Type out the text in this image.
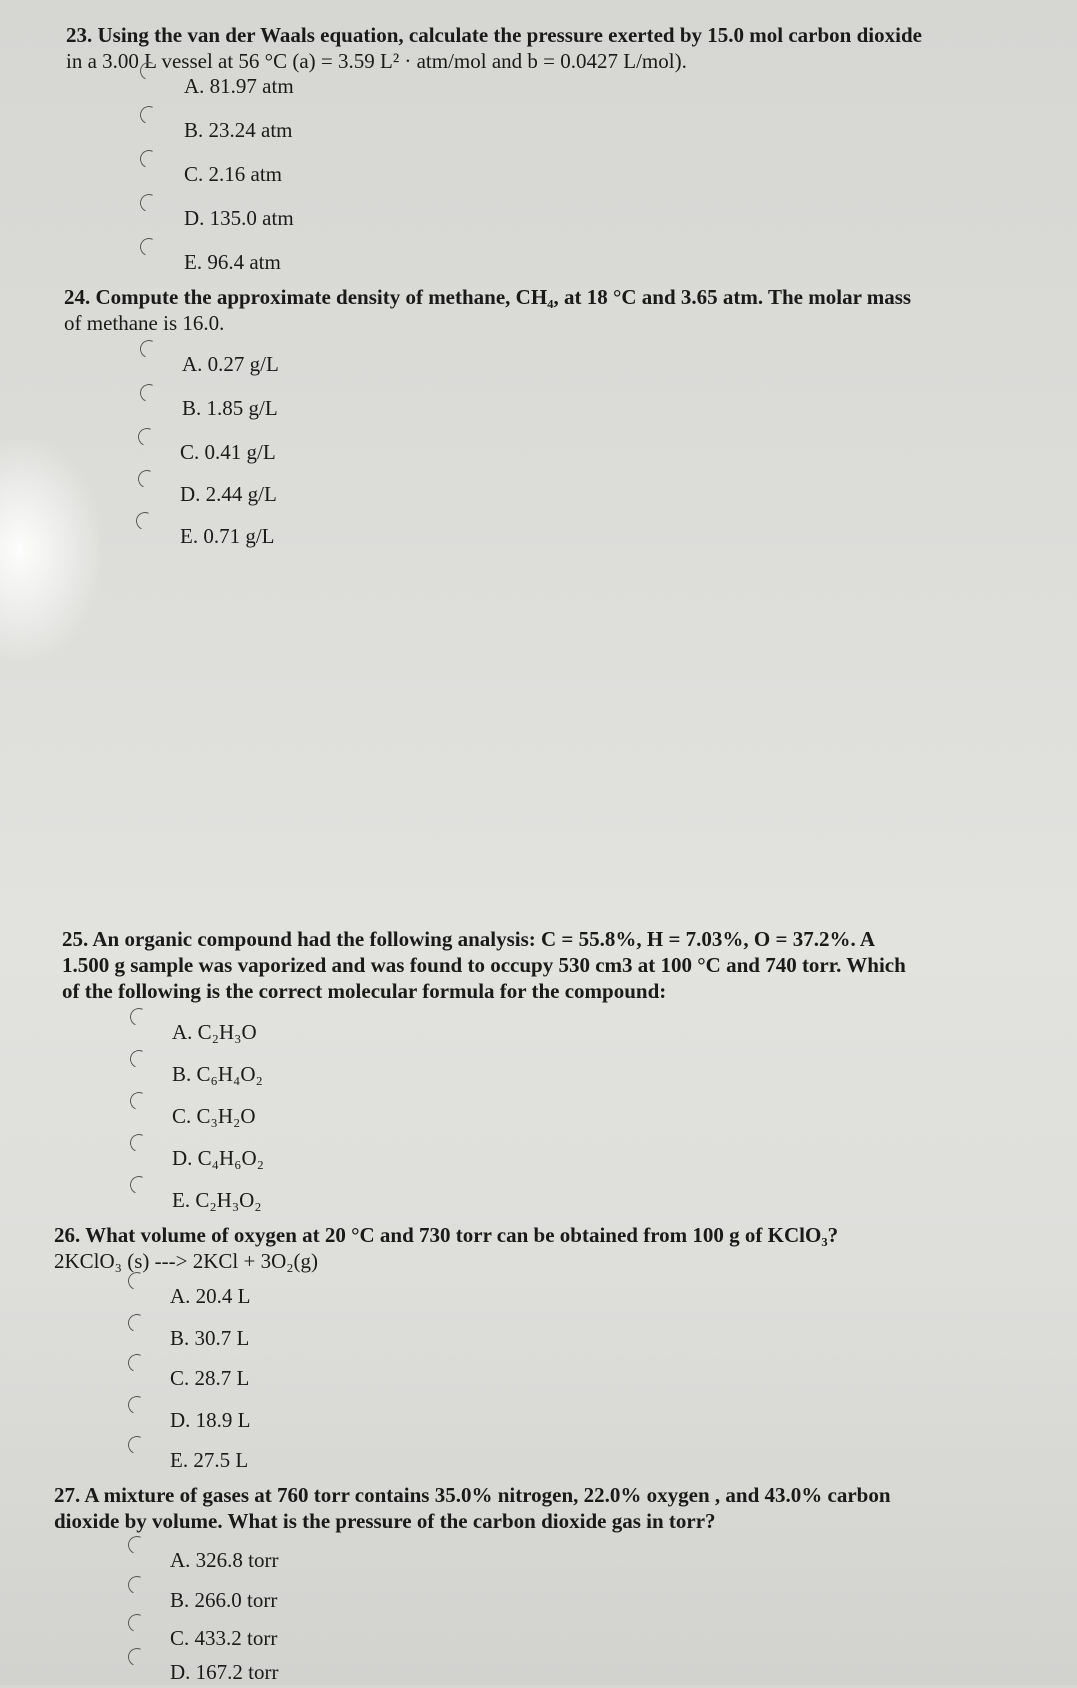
23. Using the van der Waals equation, calculate the pressure exerted by 15.0 mol carbon dioxide
in a 3.00 L vessel at 56 °C (a) = 3.59 L² · atm/mol and b = 0.0427 L/mol).
A. 81.97 atm
B. 23.24 atm
C. 2.16 atm
D. 135.0 atm
E. 96.4 atm
24. Compute the approximate density of methane, CH₄, at 18 °C and 3.65 atm. The molar mass
of methane is 16.0.
A. 0.27 g/L
B. 1.85 g/L
C. 0.41 g/L
D. 2.44 g/L
E. 0.71 g/L
25. An organic compound had the following analysis: C = 55.8%, H = 7.03%, O = 37.2%. A
1.500 g sample was vaporized and was found to occupy 530 cm3 at 100 °C and 740 torr. Which
of the following is the correct molecular formula for the compound:
A. C₂H₃O
B. C₆H₄O₂
C. C₃H₂O
D. C₄H₆O₂
E. C₂H₃O₂
26. What volume of oxygen at 20 °C and 730 torr can be obtained from 100 g of KClO₃?
2KClO₃ (s) ---> 2KCl + 3O₂(g)
A. 20.4 L
B. 30.7 L
C. 28.7 L
D. 18.9 L
E. 27.5 L
27. A mixture of gases at 760 torr contains 35.0% nitrogen, 22.0% oxygen , and 43.0% carbon
dioxide by volume. What is the pressure of the carbon dioxide gas in torr?
A. 326.8 torr
B. 266.0 torr
C. 433.2 torr
D. 167.2 torr
